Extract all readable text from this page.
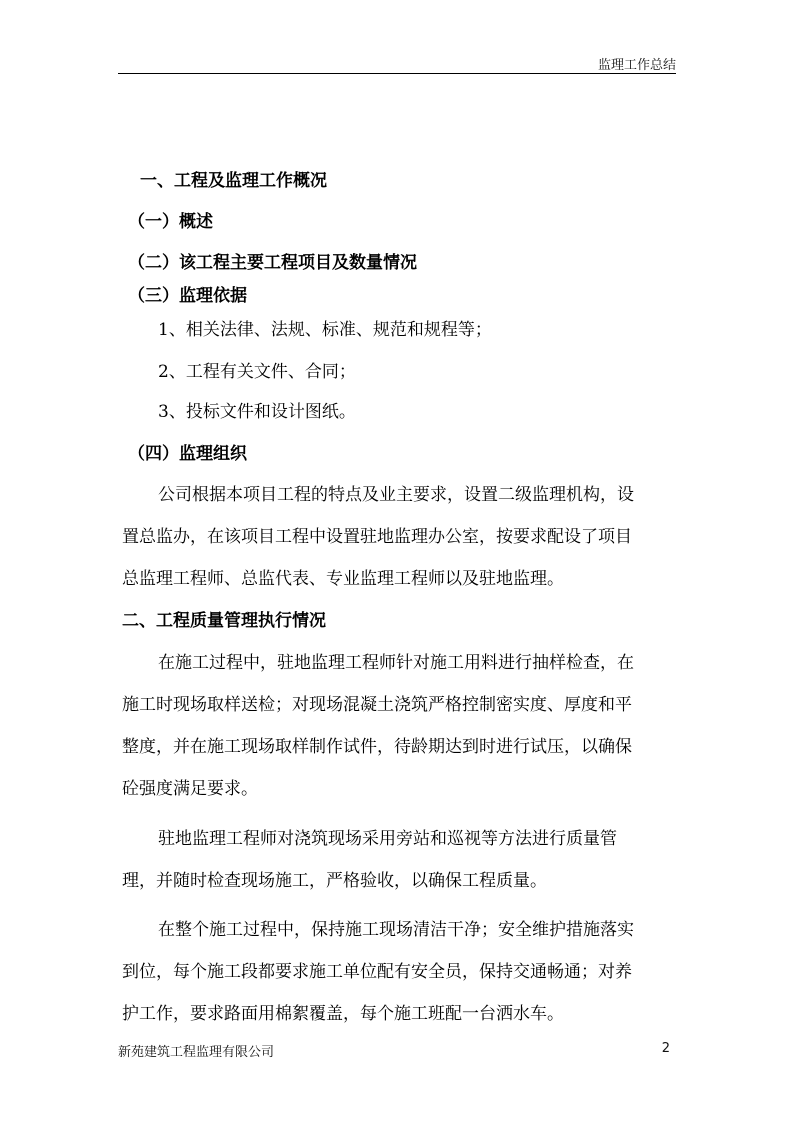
监理工作总结
一、工程及监理工作概况
（一）概述
（二）该工程主要工程项目及数量情况
（三）监理依据
1、相关法律、法规、标准、规范和规程等；
2、工程有关文件、合同；
3、投标文件和设计图纸。
（四）监理组织
公司根据本项目工程的特点及业主要求，设置二级监理机构，设
置总监办，在该项目工程中设置驻地监理办公室，按要求配设了项目
总监理工程师、总监代表、专业监理工程师以及驻地监理。
二、工程质量管理执行情况
在施工过程中，驻地监理工程师针对施工用料进行抽样检查，在
施工时现场取样送检；对现场混凝土浇筑严格控制密实度、厚度和平
整度，并在施工现场取样制作试件，待龄期达到时进行试压，以确保
砼强度满足要求。
驻地监理工程师对浇筑现场采用旁站和巡视等方法进行质量管
理，并随时检查现场施工，严格验收，以确保工程质量。
在整个施工过程中，保持施工现场清洁干净；安全维护措施落实
到位，每个施工段都要求施工单位配有安全员，保持交通畅通；对养
护工作，要求路面用棉絮覆盖，每个施工班配一台洒水车。
新苑建筑工程监理有限公司	2
